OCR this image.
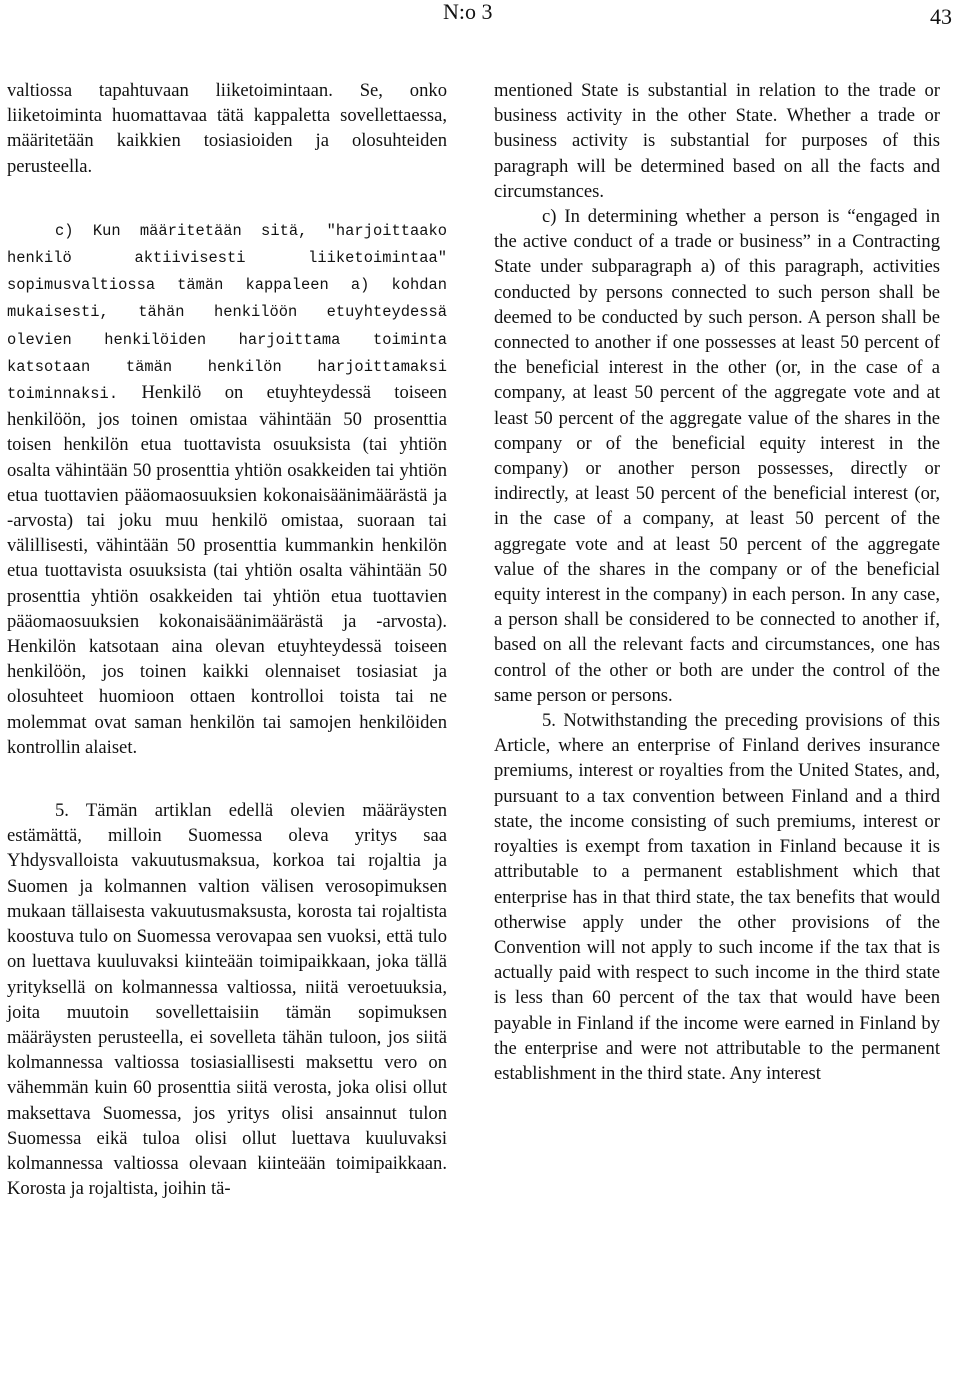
N:o 3	43

valtiossa tapahtuvaan liiketoimintaan. Se, onko liiketoiminta huomattavaa tätä kappaletta sovellettaessa, määritetään kaikkien tosiasioiden ja olosuhteiden perusteella.

c) Kun määritetään sitä, "harjoittaako henkilö aktiivisesti liiketoimintaa" sopimusvaltiossa tämän kappaleen a) kohdan mukaisesti, tähän henkilöön etuyhteydessä olevien henkilöiden harjoittama toiminta katsotaan tämän henkilön harjoittamaksi toiminnaksi. Henkilö on etuyhteydessä toiseen henkilöön, jos toinen omistaa vähintään 50 prosenttia toisen henkilön etua tuottavista osuuksista (tai yhtiön osalta vähintään 50 prosenttia yhtiön osakkeiden tai yhtiön etua tuottavien pääomaosuuksien kokonaisäänimäärästä ja -arvosta) tai joku muu henkilö omistaa, suoraan tai välillisesti, vähintään 50 prosenttia kummankin henkilön etua tuottavista osuuksista (tai yhtiön osalta vähintään 50 prosenttia yhtiön osakkeiden tai yhtiön etua tuottavien pääomaosuuksien kokonaisäänimäärästä ja -arvosta). Henkilön katsotaan aina olevan etuyhteydessä toiseen henkilöön, jos toinen kaikki olennaiset tosiasiat ja olosuhteet huomioon ottaen kontrolloi toista tai ne molemmat ovat saman henkilön tai samojen henkilöiden kontrollin alaiset.

5. Tämän artiklan edellä olevien määräysten estämättä, milloin Suomessa oleva yritys saa Yhdysvalloista vakuutusmaksua, korkoa tai rojaltia ja Suomen ja kolmannen valtion välisen verosopimuksen mukaan tällaisesta vakuutusmaksusta, korosta tai rojaltista koostuva tulo on Suomessa verovapaa sen vuoksi, että tulo on luettava kuuluvaksi kiinteään toimipaikkaan, joka tällä yrityksellä on kolmannessa valtiossa, niitä veroetuuksia, joita muutoin sovellettaisiin tämän sopimuksen määräysten perusteella, ei sovelleta tähän tuloon, jos siitä kolmannessa valtiossa tosiasiallisesti maksettu vero on vähemmän kuin 60 prosenttia siitä verosta, joka olisi ollut maksettava Suomessa, jos yritys olisi ansainnut tulon Suomessa eikä tuloa olisi ollut luettava kuuluvaksi kolmannessa valtiossa olevaan kiinteään toimipaikkaan. Korosta ja rojaltista, joihin tä-

mentioned State is substantial in relation to the trade or business activity in the other State. Whether a trade or business activity is substantial for purposes of this paragraph will be determined based on all the facts and circumstances.

c) In determining whether a person is “engaged in the active conduct of a trade or business” in a Contracting State under subparagraph a) of this paragraph, activities conducted by persons connected to such person shall be deemed to be conducted by such person. A person shall be connected to another if one possesses at least 50 percent of the beneficial interest in the other (or, in the case of a company, at least 50 percent of the aggregate vote and at least 50 percent of the aggregate value of the shares in the company or of the beneficial equity interest in the company) or another person possesses, directly or indirectly, at least 50 percent of the beneficial interest (or, in the case of a company, at least 50 percent of the aggregate vote and at least 50 percent of the aggregate value of the shares in the company or of the beneficial equity interest in the company) in each person. In any case, a person shall be considered to be connected to another if, based on all the relevant facts and circumstances, one has control of the other or both are under the control of the same person or persons.

5. Notwithstanding the preceding provisions of this Article, where an enterprise of Finland derives insurance premiums, interest or royalties from the United States, and, pursuant to a tax convention between Finland and a third state, the income consisting of such premiums, interest or royalties is exempt from taxation in Finland because it is attributable to a permanent establishment which that enterprise has in that third state, the tax benefits that would otherwise apply under the other provisions of the Convention will not apply to such income if the tax that is actually paid with respect to such income in the third state is less than 60 percent of the tax that would have been payable in Finland if the income were earned in Finland by the enterprise and were not attributable to the permanent establishment in the third state. Any interest
